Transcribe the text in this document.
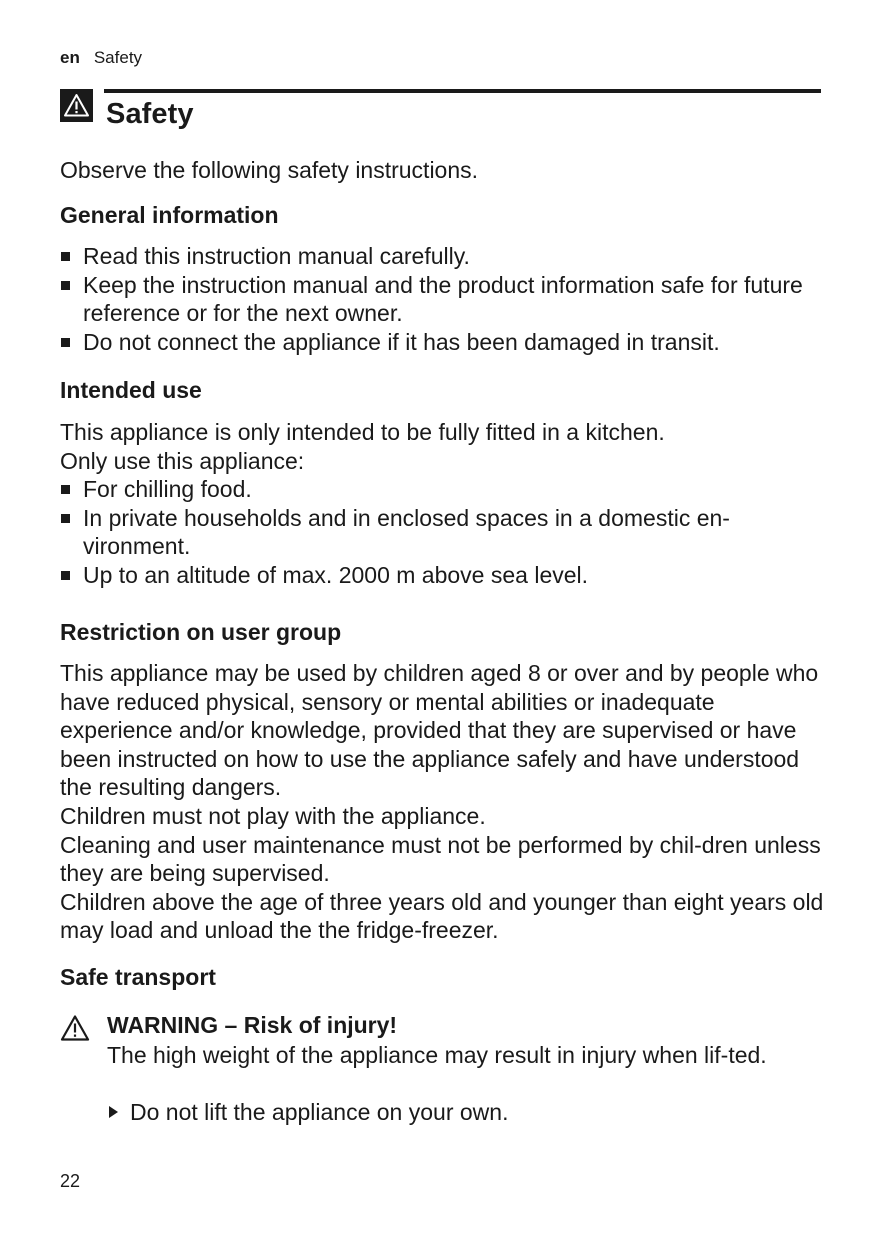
en Safety
Safety

Observe the following safety instructions.

General information
Read this instruction manual carefully.
Keep the instruction manual and the product information safe for future reference or for the next owner.
Do not connect the appliance if it has been damaged in transit.
Intended use

This appliance is only intended to be fully fitted in a kitchen.

Only use this appliance:

For chilling food.
In private households and in enclosed spaces in a domestic en-vironment.
Up to an altitude of max. 2000 m above sea level.
Restriction on user group

This appliance may be used by children aged 8 or over and by people who have reduced physical, sensory or mental abilities or inadequate experience and/or knowledge, provided that they are supervised or have been instructed on how to use the appliance safely and have understood the resulting dangers.

Children must not play with the appliance.

Cleaning and user maintenance must not be performed by chil-dren unless they are being supervised.

Children above the age of three years old and younger than eight years old may load and unload the the fridge-freezer.

Safe transport

WARNING – Risk of injury!

The high weight of the appliance may result in injury when lif-ted.
Do not lift the appliance on your own.
22
